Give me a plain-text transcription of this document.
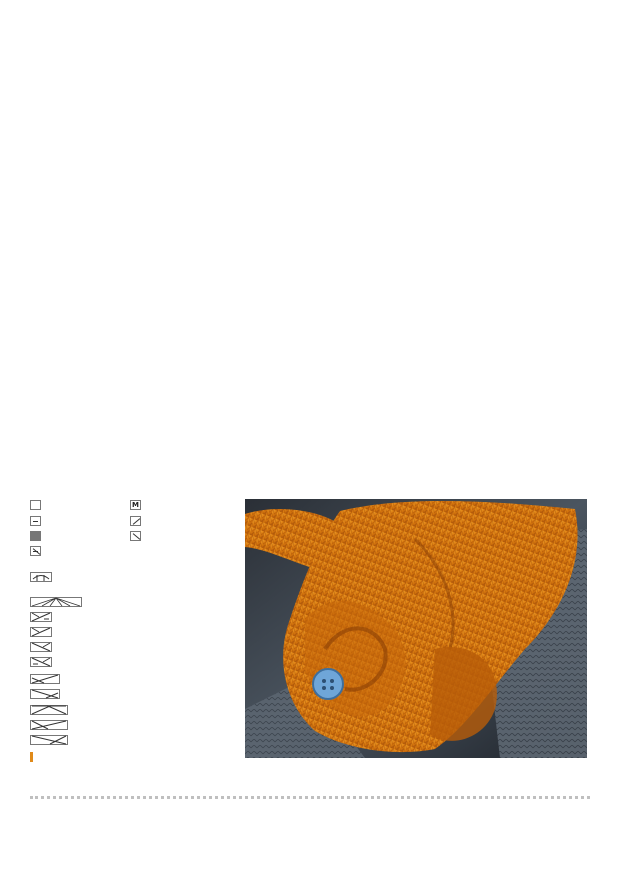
M
